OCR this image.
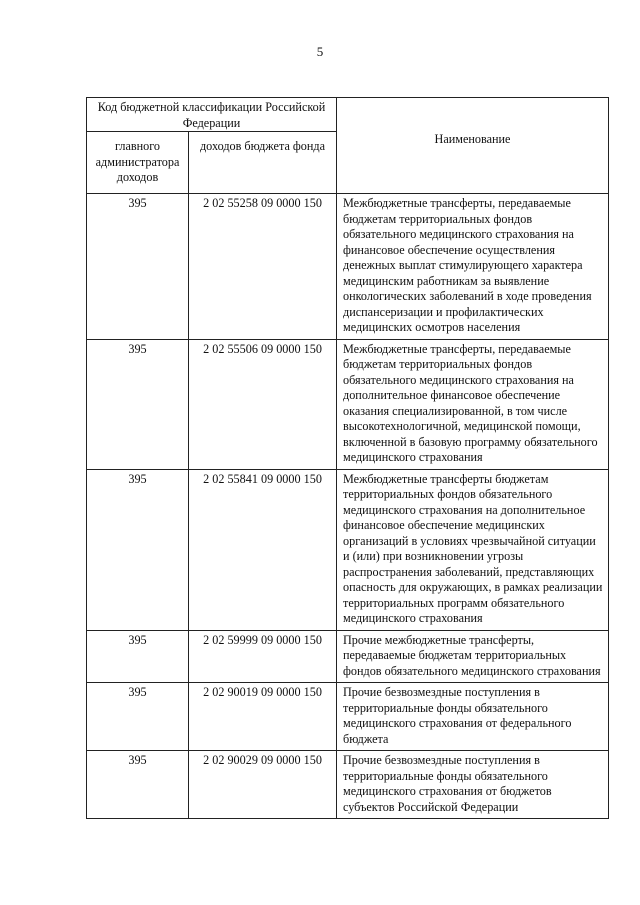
5
Код бюджетной классификации Российской Федерации		Наименование
главного администратора доходов	доходов бюджета фонда	
395	2 02 55258 09 0000 150	Межбюджетные трансферты, передаваемые бюджетам территориальных фондов обязательного медицинского страхования на финансовое обеспечение осуществления денежных выплат стимулирующего характера медицинским работникам за выявление онкологических заболеваний в ходе проведения диспансеризации и профилактических медицинских осмотров населения
395	2 02 55506 09 0000 150	Межбюджетные трансферты, передаваемые бюджетам территориальных фондов обязательного медицинского страхования на дополнительное финансовое обеспечение оказания специализированной, в том числе высокотехнологичной, медицинской помощи, включенной в базовую программу обязательного медицинского страхования
395	2 02 55841 09 0000 150	Межбюджетные трансферты бюджетам территориальных фондов обязательного медицинского страхования на дополнительное финансовое обеспечение медицинских организаций в условиях чрезвычайной ситуации и (или) при возникновении угрозы распространения заболеваний, представляющих опасность для окружающих, в рамках реализации территориальных программ обязательного медицинского страхования
395	2 02 59999 09 0000 150	Прочие межбюджетные трансферты, передаваемые бюджетам территориальных фондов обязательного медицинского страхования
395	2 02 90019 09 0000 150	Прочие безвозмездные поступления в территориальные фонды обязательного медицинского страхования от федерального бюджета
395	2 02 90029 09 0000 150	Прочие безвозмездные поступления в территориальные фонды обязательного медицинского страхования от бюджетов субъектов Российской Федерации
